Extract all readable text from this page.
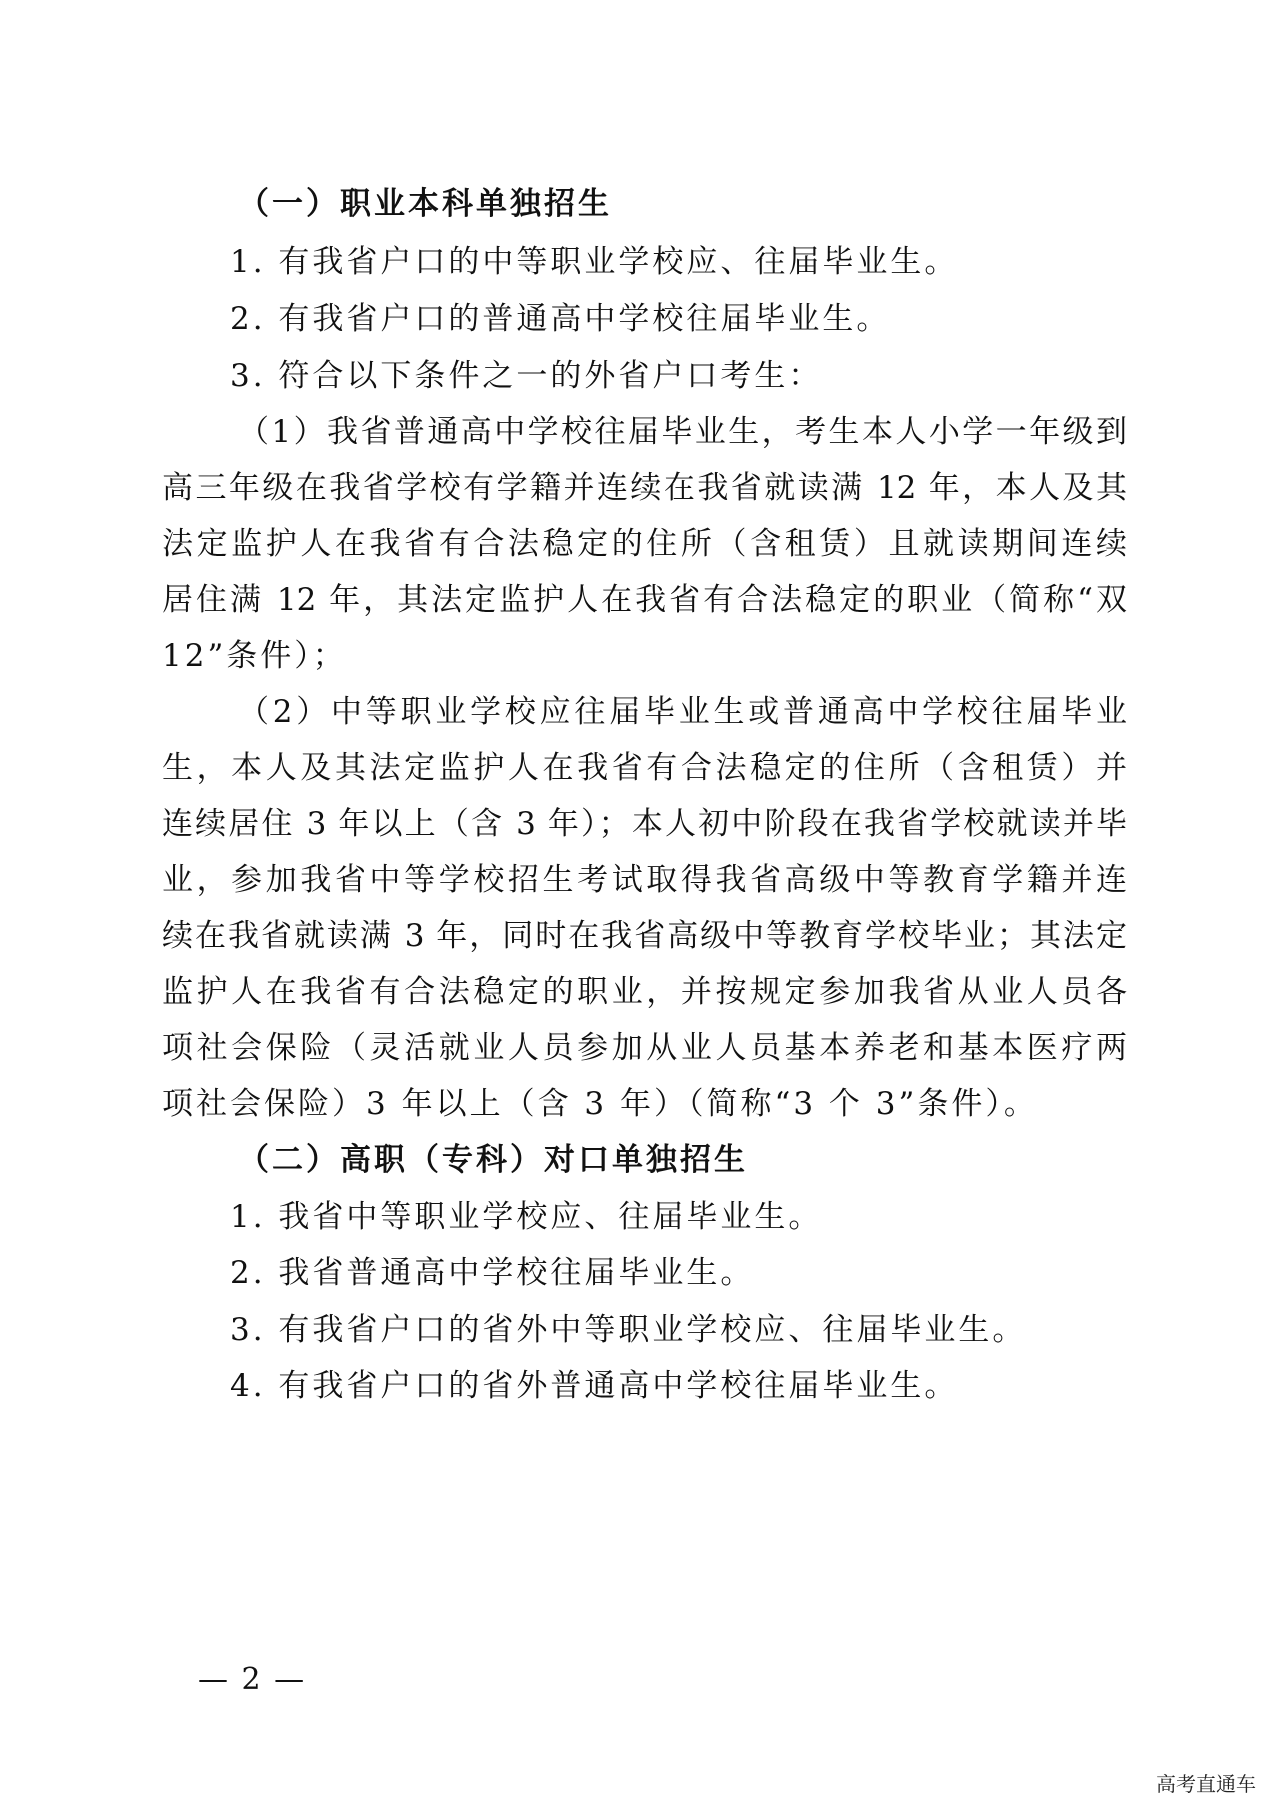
（一）职业本科单独招生
1. 有我省户口的中等职业学校应、往届毕业生。
2. 有我省户口的普通高中学校往届毕业生。
3. 符合以下条件之一的外省户口考生：
（1）我省普通高中学校往届毕业生，考生本人小学一年级到
高三年级在我省学校有学籍并连续在我省就读满 12 年，本人及其
法定监护人在我省有合法稳定的住所（含租赁）且就读期间连续
居住满 12 年，其法定监护人在我省有合法稳定的职业（简称“双
12”条件）；
（2）中等职业学校应往届毕业生或普通高中学校往届毕业
生，本人及其法定监护人在我省有合法稳定的住所（含租赁）并
连续居住 3 年以上（含 3 年）；本人初中阶段在我省学校就读并毕
业，参加我省中等学校招生考试取得我省高级中等教育学籍并连
续在我省就读满 3 年，同时在我省高级中等教育学校毕业；其法定
监护人在我省有合法稳定的职业，并按规定参加我省从业人员各
项社会保险（灵活就业人员参加从业人员基本养老和基本医疗两
项社会保险）3 年以上（含 3 年）（简称“3 个 3”条件）。
（二）高职（专科）对口单独招生
1. 我省中等职业学校应、往届毕业生。
2. 我省普通高中学校往届毕业生。
3. 有我省户口的省外中等职业学校应、往届毕业生。
4. 有我省户口的省外普通高中学校往届毕业生。
— 2 —
高考直通车
